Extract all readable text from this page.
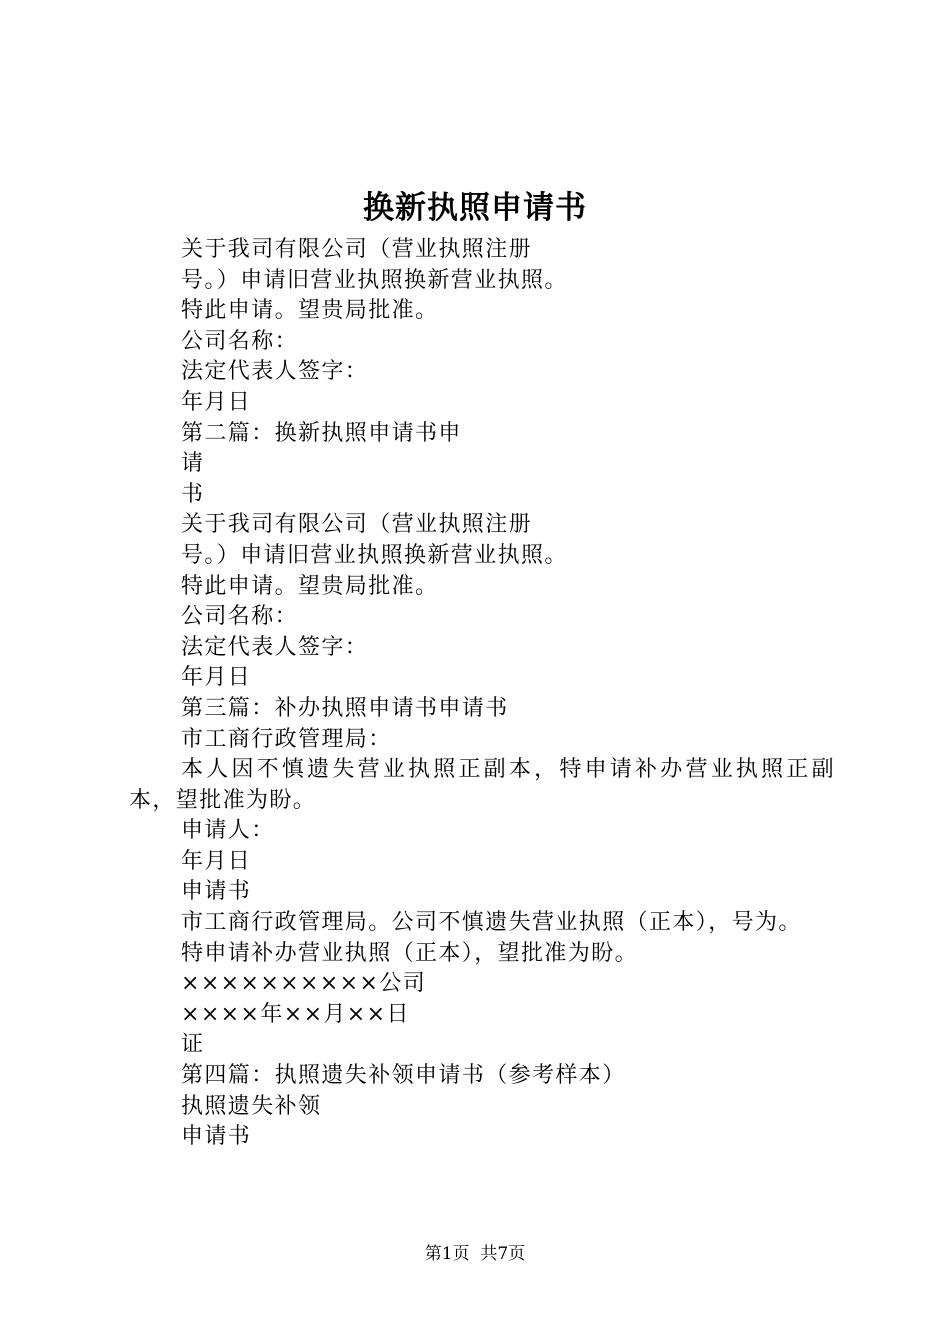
换新执照申请书
关于我司有限公司（营业执照注册
号。）申请旧营业执照换新营业执照。
特此申请。望贵局批准。
公司名称：
法定代表人签字：
年月日
第二篇：换新执照申请书申
请
书
关于我司有限公司（营业执照注册
号。）申请旧营业执照换新营业执照。
特此申请。望贵局批准。
公司名称：
法定代表人签字：
年月日
第三篇：补办执照申请书申请书
市工商行政管理局：
本人因不慎遗失营业执照正副本，特申请补办营业执照正副本，望批准为盼。
申请人：
年月日
申请书
市工商行政管理局。公司不慎遗失营业执照（正本），号为。
特申请补办营业执照（正本），望批准为盼。
××××××××××公司
××××年××月××日
证
第四篇：执照遗失补领申请书（参考样本）
执照遗失补领
申请书
第1页  共7页
